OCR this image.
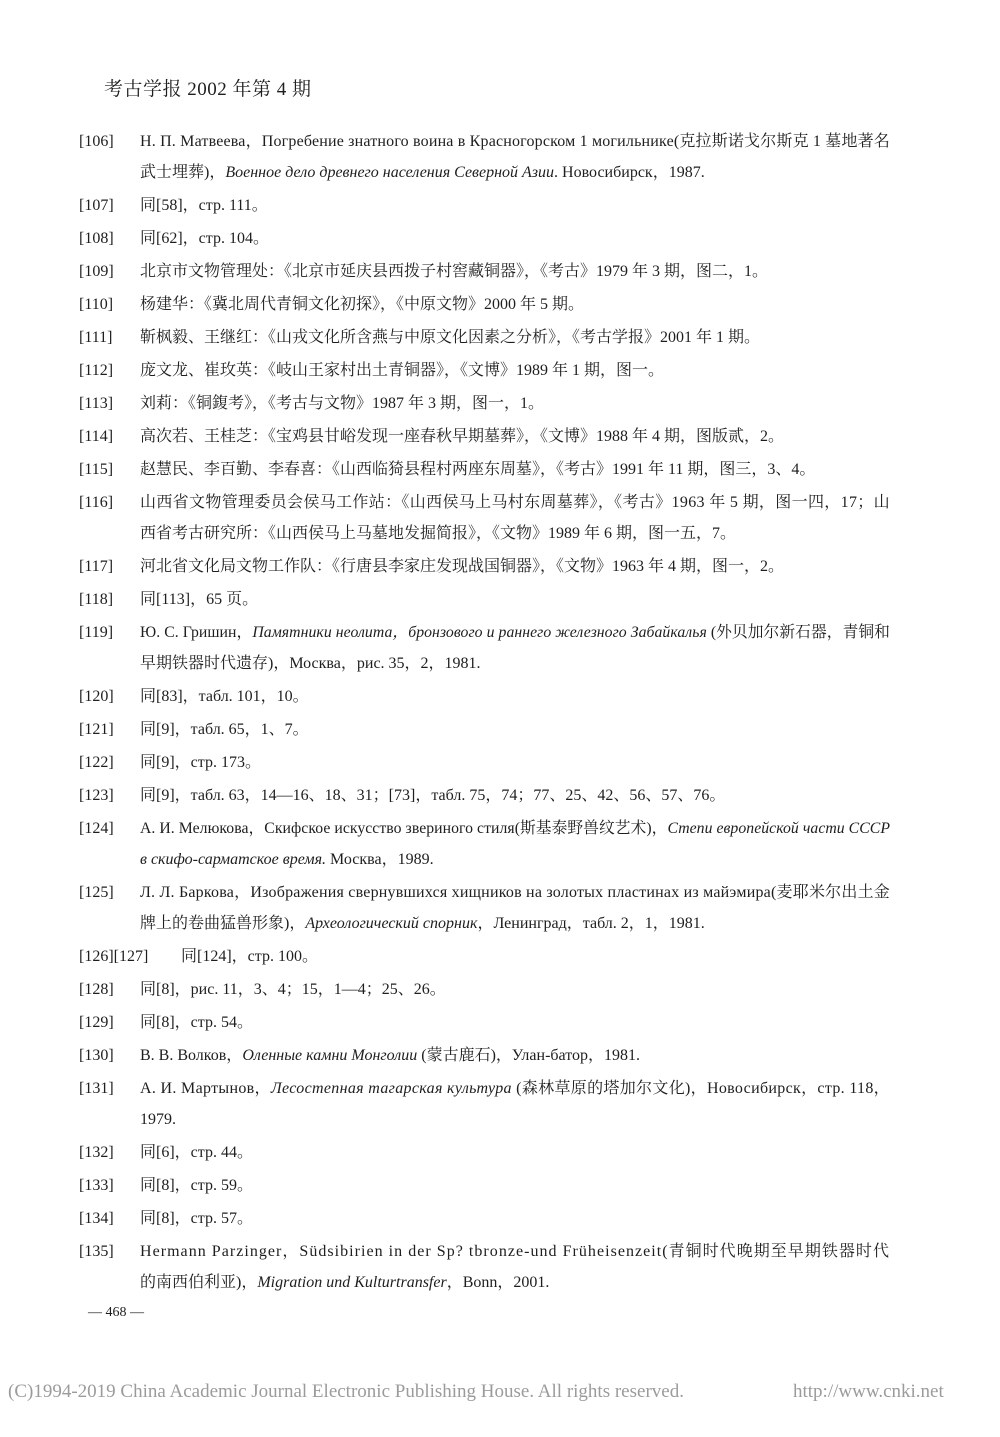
考古学报 2002 年第 4 期
[106]	Н. П. Матвеева，Погребение знатного воина в Красногорском 1 могильнике(克拉斯诺戈尔斯克 1 墓地著名
武士埋葬)，Военное дело древнего населения Северной Азии. Новосибирск，1987.
[107]	同[58]，стр. 111。
[108]	同[62]，стр. 104。
[109]	北京市文物管理处：《北京市延庆县西拨子村窖藏铜器》，《考古》1979 年 3 期，图二，1。
[110]	杨建华：《冀北周代青铜文化初探》，《中原文物》2000 年 5 期。
[111]	靳枫毅、王继红：《山戎文化所含燕与中原文化因素之分析》，《考古学报》2001 年 1 期。
[112]	庞文龙、崔玫英：《岐山王家村出土青铜器》，《文博》1989 年 1 期，图一。
[113]	刘莉：《铜鍑考》，《考古与文物》1987 年 3 期，图一，1。
[114]	高次若、王桂芝：《宝鸡县甘峪发现一座春秋早期墓葬》，《文博》1988 年 4 期，图版贰，2。
[115]	赵慧民、李百勤、李春喜：《山西临猗县程村两座东周墓》，《考古》1991 年 11 期，图三，3、4。
[116]	山西省文物管理委员会侯马工作站：《山西侯马上马村东周墓葬》，《考古》1963 年 5 期，图一四，17；山
西省考古研究所：《山西侯马上马墓地发掘简报》，《文物》1989 年 6 期，图一五，7。
[117]	河北省文化局文物工作队：《行唐县李家庄发现战国铜器》，《文物》1963 年 4 期，图一，2。
[118]	同[113]，65 页。
[119]	Ю. С. Гришин，Памятники неолита，бронзового и раннего железного Забайкалья (外贝加尔新石器，青铜和
早期铁器时代遗存)，Москва，рис. 35，2，1981.
[120]	同[83]，табл. 101，10。
[121]	同[9]，табл. 65，1、7。
[122]	同[9]，стр. 173。
[123]	同[9]，табл. 63，14—16、18、31；[73]，табл. 75，74；77、25、42、56、57、76。
[124]	А. И. Мелюкова，Скифское искусство звериного стиля(斯基泰野兽纹艺术)，Степи европейской части СССР
в скифо-сарматское время. Москва，1989.
[125]	Л. Л. Баркова，Изображения свернувшихся хищников на золотых пластинах из майэмира(麦耶米尔出土金
牌上的卷曲猛兽形象)，Археологический спорник，Ленинград，табл. 2，1，1981.
[126][127]	同[124]，стр. 100。
[128]	同[8]，рис. 11，3、4；15，1—4；25、26。
[129]	同[8]，стр. 54。
[130]	В. В. Волков，Оленные камни Монголии (蒙古鹿石)，Улан-батор，1981.
[131]	А. И. Мартынов，Лесостепная тагарская культура (森林草原的塔加尔文化)，Новосибирск，стр. 118，
1979.
[132]	同[6]，стр. 44。
[133]	同[8]，стр. 59。
[134]	同[8]，стр. 57。
[135]	Hermann Parzinger，Südsibirien in der Sp? tbronze-und Früheisenzeit(青铜时代晚期至早期铁器时代
的南西伯利亚)，Migration und Kulturtransfer，Bonn，2001.
— 468 —
(C)1994-2019 China Academic Journal Electronic Publishing House. All rights reserved.	http://www.cnki.net
